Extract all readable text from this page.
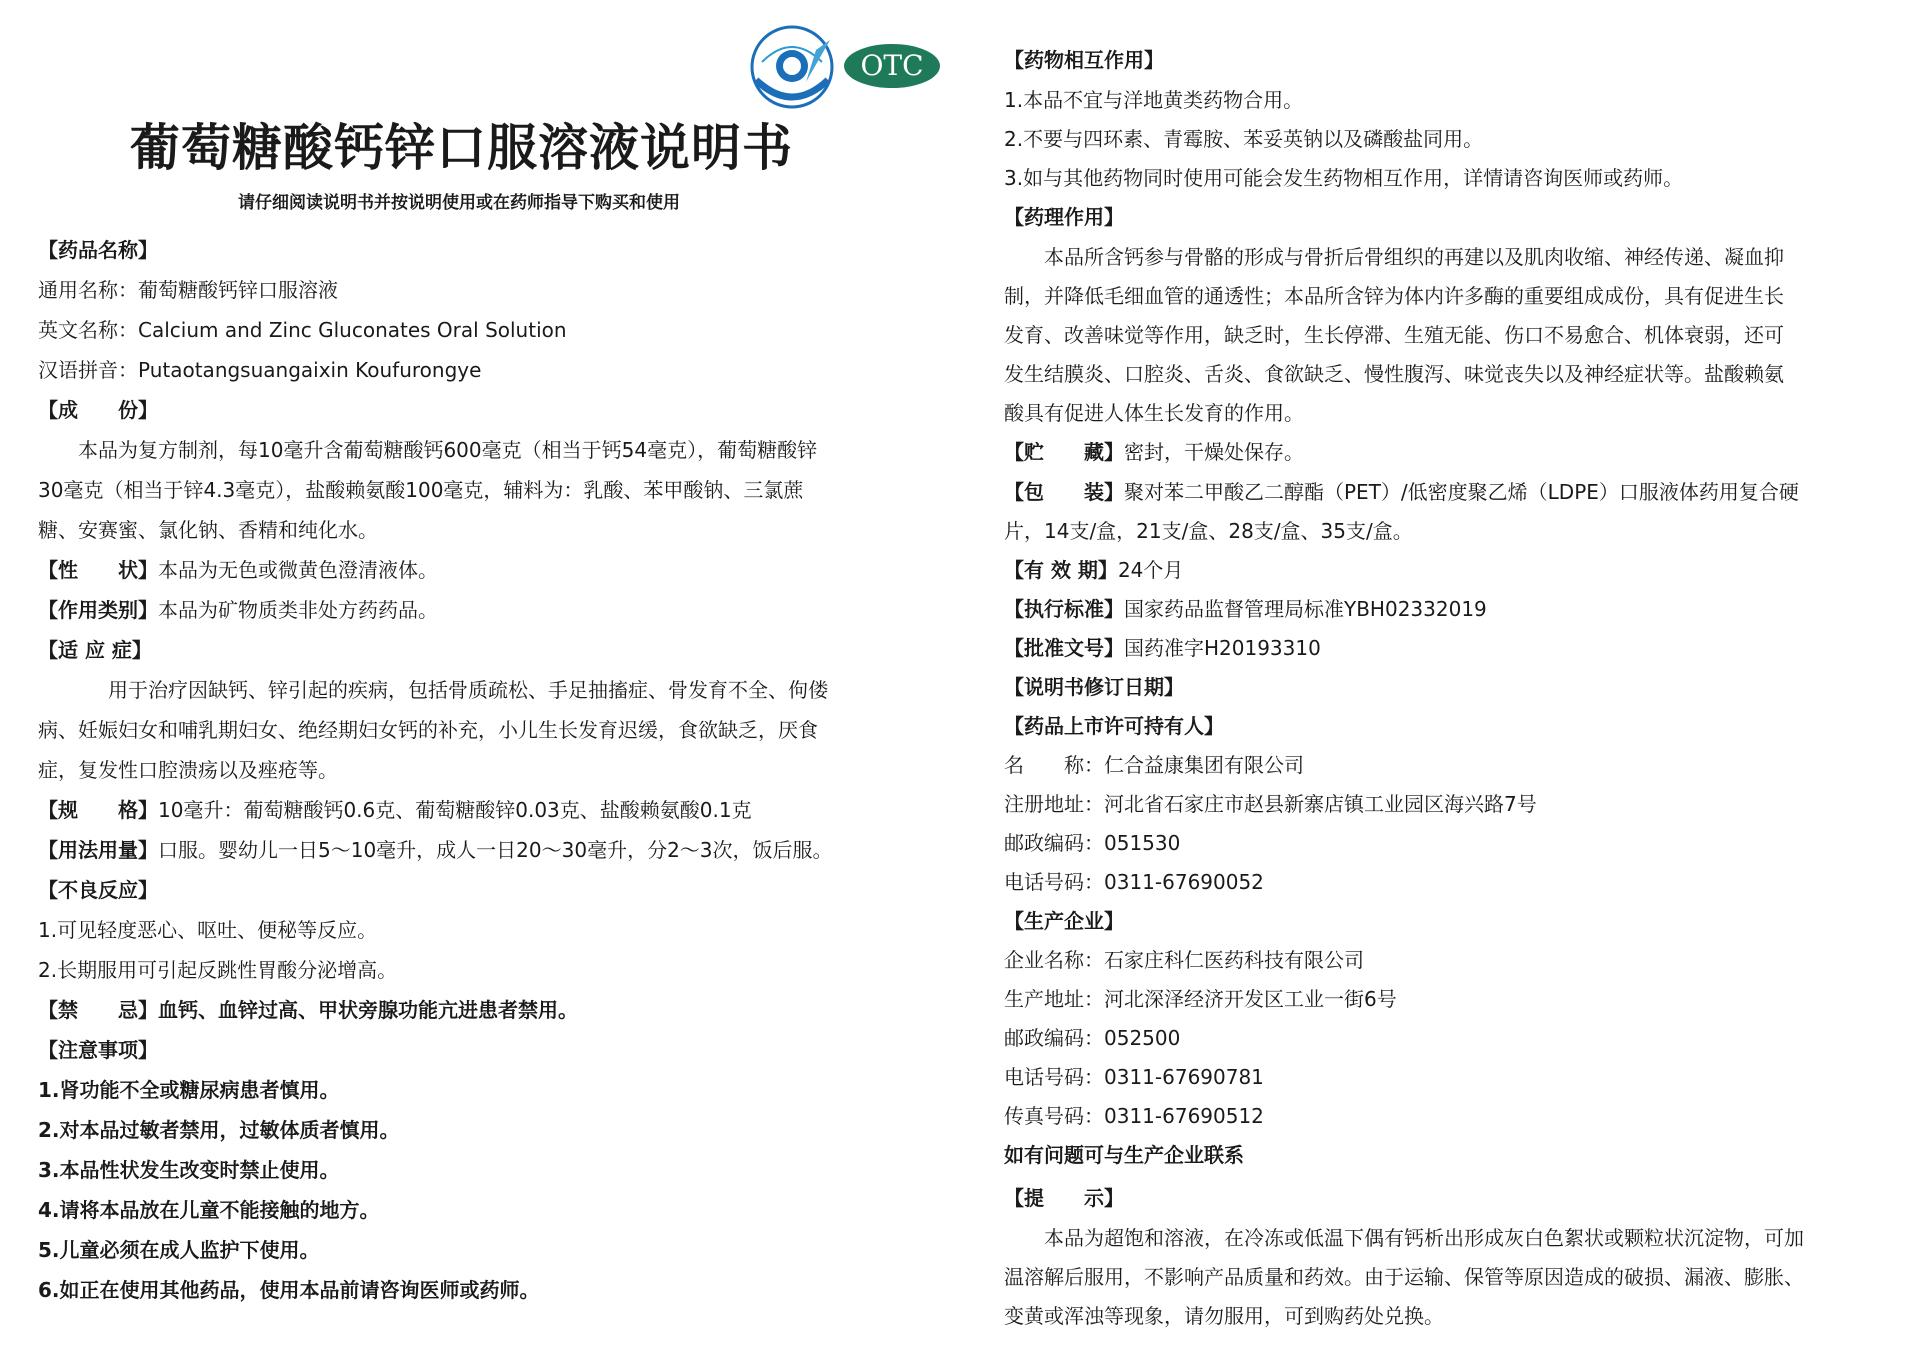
OTC
葡萄糖酸钙锌口服溶液说明书
请仔细阅读说明书并按说明使用或在药师指导下购买和使用
【药品名称】
通用名称：葡萄糖酸钙锌口服溶液
英文名称：Calcium and Zinc Gluconates Oral Solution
汉语拼音：Putaotangsuangaixin Koufurongye
【成　　份】
本品为复方制剂，每10毫升含葡萄糖酸钙600毫克（相当于钙54毫克），葡萄糖酸锌
30毫克（相当于锌4.3毫克），盐酸赖氨酸100毫克，辅料为：乳酸、苯甲酸钠、三氯蔗
糖、安赛蜜、氯化钠、香精和纯化水。
【性　　状】本品为无色或微黄色澄清液体。
【作用类别】本品为矿物质类非处方药药品。
【适 应 症】
用于治疗因缺钙、锌引起的疾病，包括骨质疏松、手足抽搐症、骨发育不全、佝偻
病、妊娠妇女和哺乳期妇女、绝经期妇女钙的补充，小儿生长发育迟缓，食欲缺乏，厌食
症，复发性口腔溃疡以及痤疮等。
【规　　格】10毫升：葡萄糖酸钙0.6克、葡萄糖酸锌0.03克、盐酸赖氨酸0.1克
【用法用量】口服。婴幼儿一日5～10毫升，成人一日20～30毫升，分2～3次，饭后服。
【不良反应】
1.可见轻度恶心、呕吐、便秘等反应。
2.长期服用可引起反跳性胃酸分泌增高。
【禁　　忌】血钙、血锌过高、甲状旁腺功能亢进患者禁用。
【注意事项】
1.肾功能不全或糖尿病患者慎用。
2.对本品过敏者禁用，过敏体质者慎用。
3.本品性状发生改变时禁止使用。
4.请将本品放在儿童不能接触的地方。
5.儿童必须在成人监护下使用。
6.如正在使用其他药品，使用本品前请咨询医师或药师。
【药物相互作用】
1.本品不宜与洋地黄类药物合用。
2.不要与四环素、青霉胺、苯妥英钠以及磷酸盐同用。
3.如与其他药物同时使用可能会发生药物相互作用，详情请咨询医师或药师。
【药理作用】
本品所含钙参与骨骼的形成与骨折后骨组织的再建以及肌肉收缩、神经传递、凝血抑
制，并降低毛细血管的通透性；本品所含锌为体内许多酶的重要组成成份，具有促进生长
发育、改善味觉等作用，缺乏时，生长停滞、生殖无能、伤口不易愈合、机体衰弱，还可
发生结膜炎、口腔炎、舌炎、食欲缺乏、慢性腹泻、味觉丧失以及神经症状等。盐酸赖氨
酸具有促进人体生长发育的作用。
【贮　　藏】密封，干燥处保存。
【包　　装】聚对苯二甲酸乙二醇酯（PET）/低密度聚乙烯（LDPE）口服液体药用复合硬
片，14支/盒，21支/盒、28支/盒、35支/盒。
【有 效 期】24个月
【执行标准】国家药品监督管理局标准YBH02332019
【批准文号】国药准字H20193310
【说明书修订日期】
【药品上市许可持有人】
名　　称：仁合益康集团有限公司
注册地址：河北省石家庄市赵县新寨店镇工业园区海兴路7号
邮政编码：051530
电话号码：0311-67690052
【生产企业】
企业名称：石家庄科仁医药科技有限公司
生产地址：河北深泽经济开发区工业一街6号
邮政编码：052500
电话号码：0311-67690781
传真号码：0311-67690512
如有问题可与生产企业联系
【提　　示】
本品为超饱和溶液，在冷冻或低温下偶有钙析出形成灰白色絮状或颗粒状沉淀物，可加
温溶解后服用，不影响产品质量和药效。由于运输、保管等原因造成的破损、漏液、膨胀、
变黄或浑浊等现象，请勿服用，可到购药处兑换。
